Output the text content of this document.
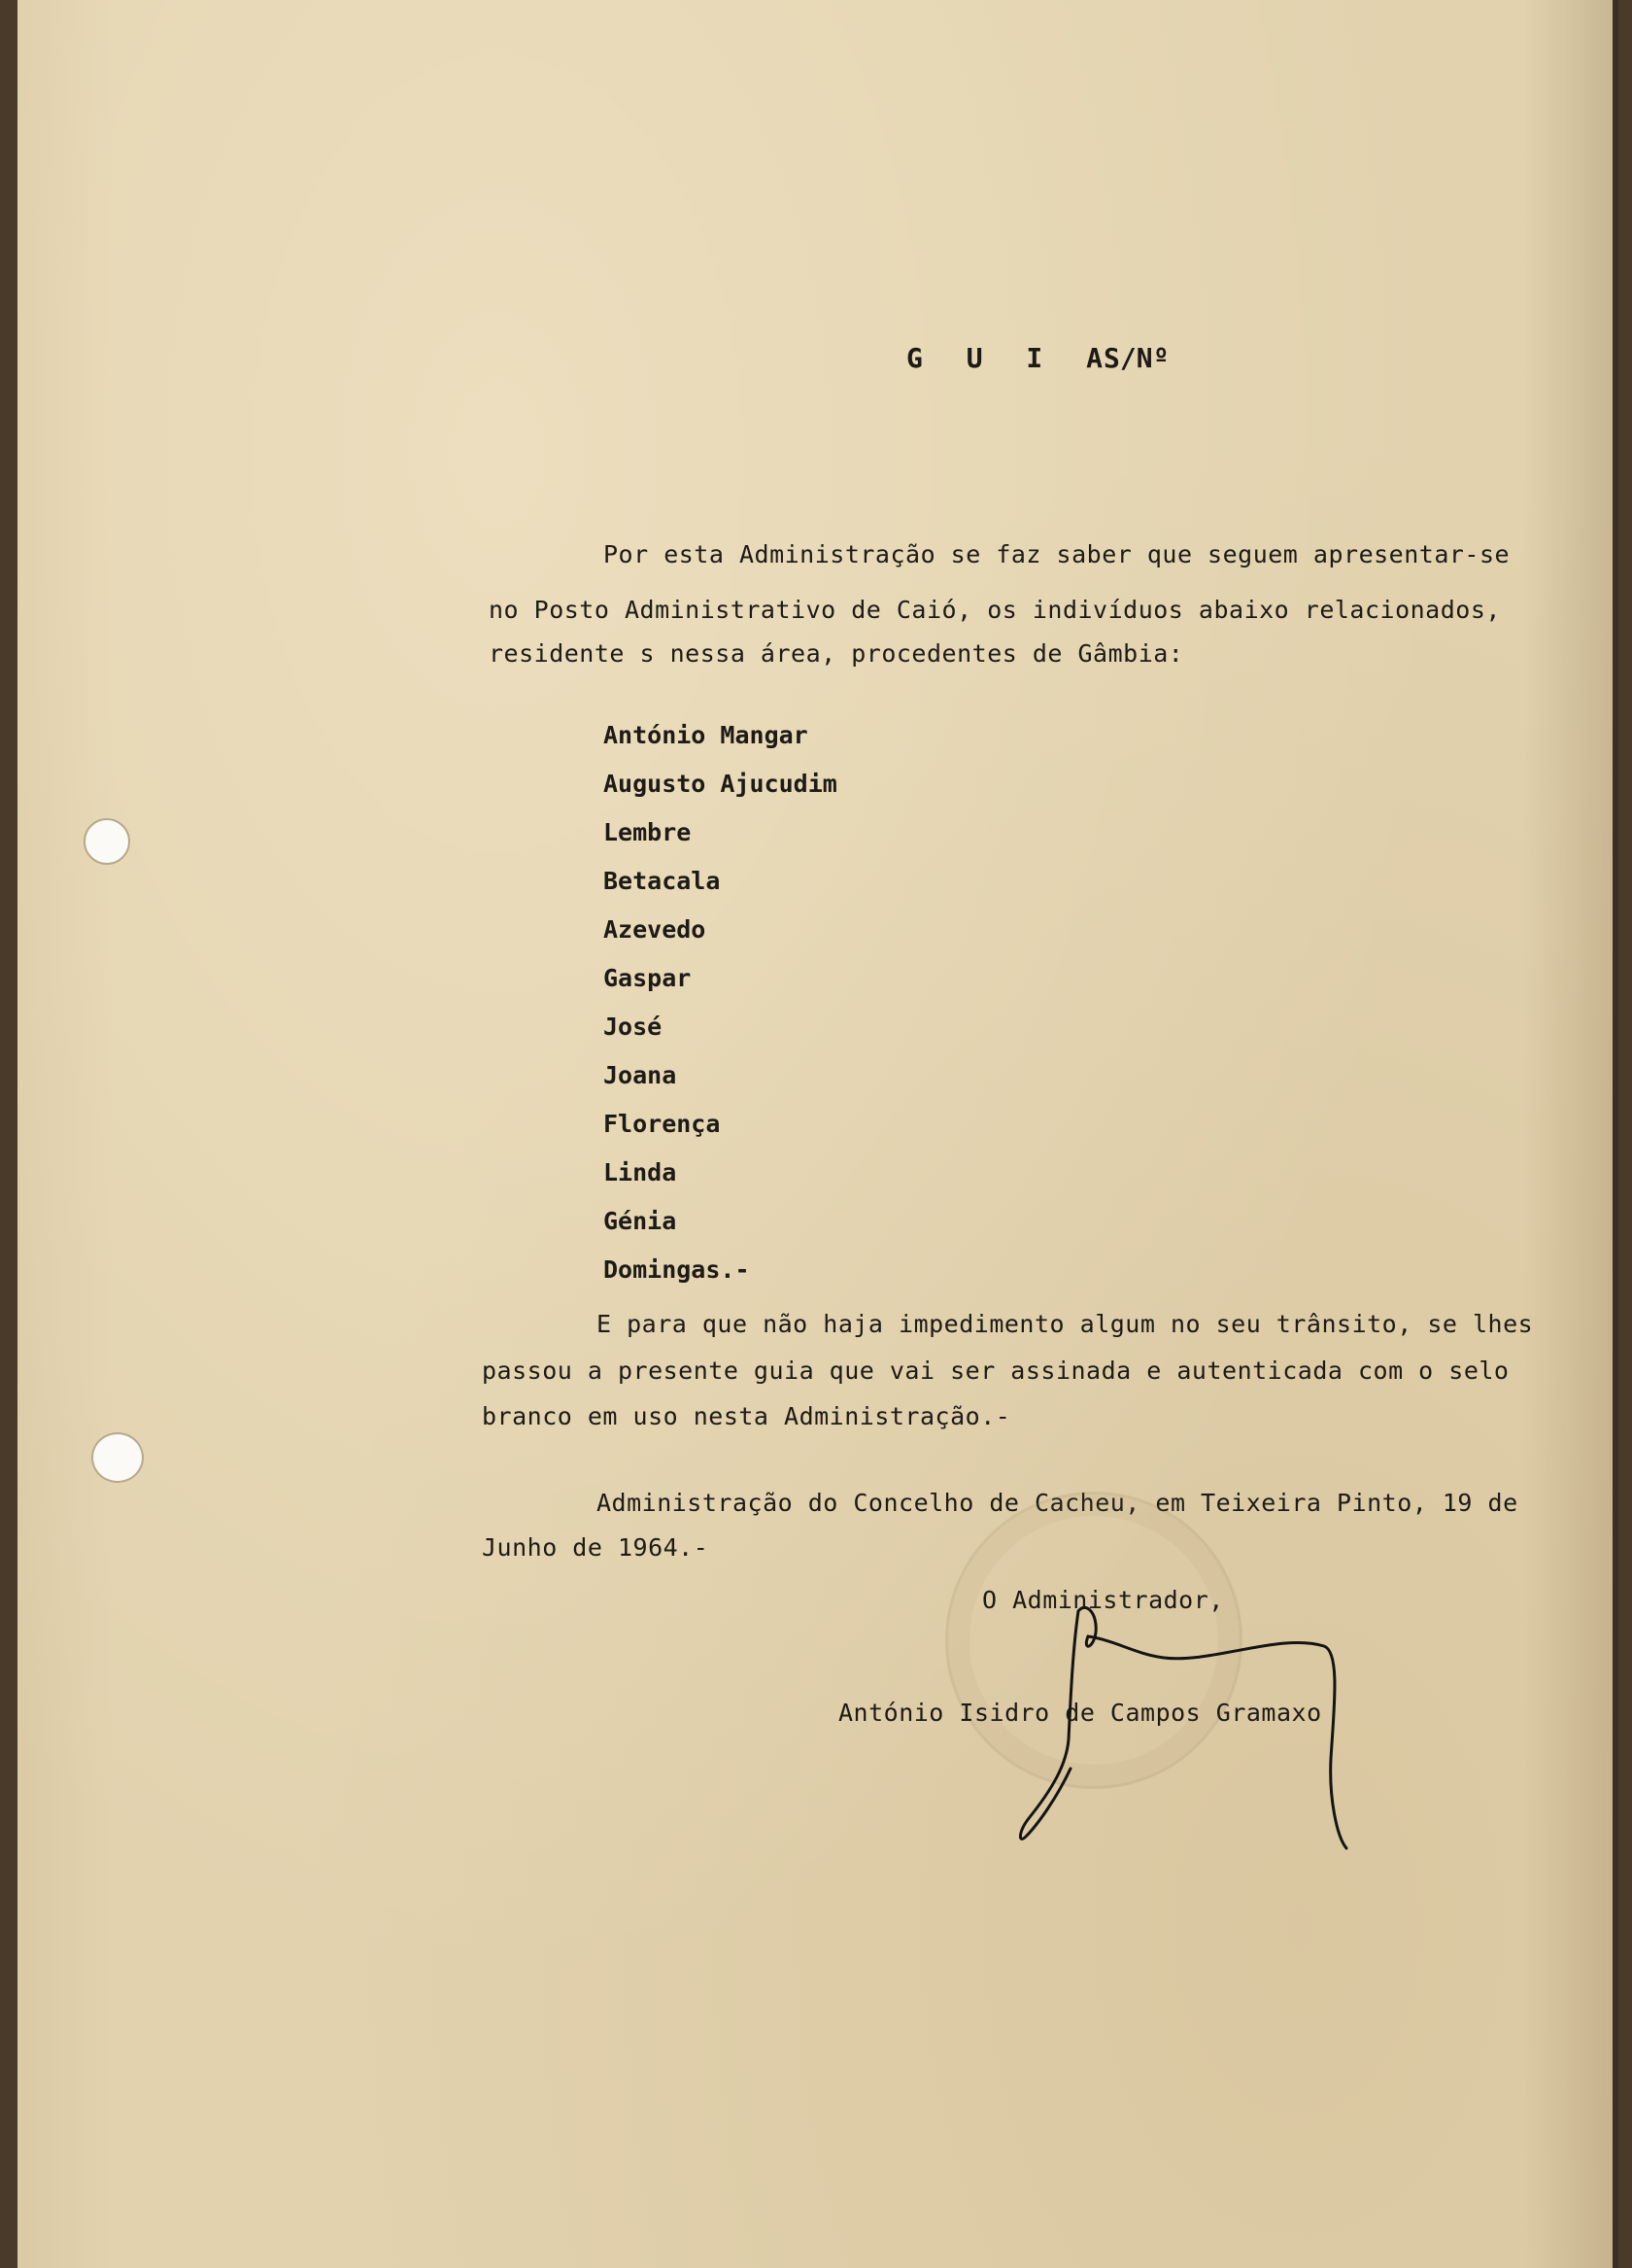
G U I A
S/Nº
Por esta Administração se faz saber que seguem apresentar-se
no Posto Administrativo de Caió, os indivíduos abaixo relacionados,
residente s nessa área, procedentes de Gâmbia:
António Mangar
Augusto Ajucudim
Lembre
Betacala
Azevedo
Gaspar
José
Joana
Florença
Linda
Génia
Domingas.-
E para que não haja impedimento algum no seu trânsito, se lhes
passou a presente guia que vai ser assinada e autenticada com o selo
branco em uso nesta Administração.-
Administração do Concelho de Cacheu, em Teixeira Pinto, 19 de
Junho de 1964.-
O Administrador,
António Isidro de Campos Gramaxo
